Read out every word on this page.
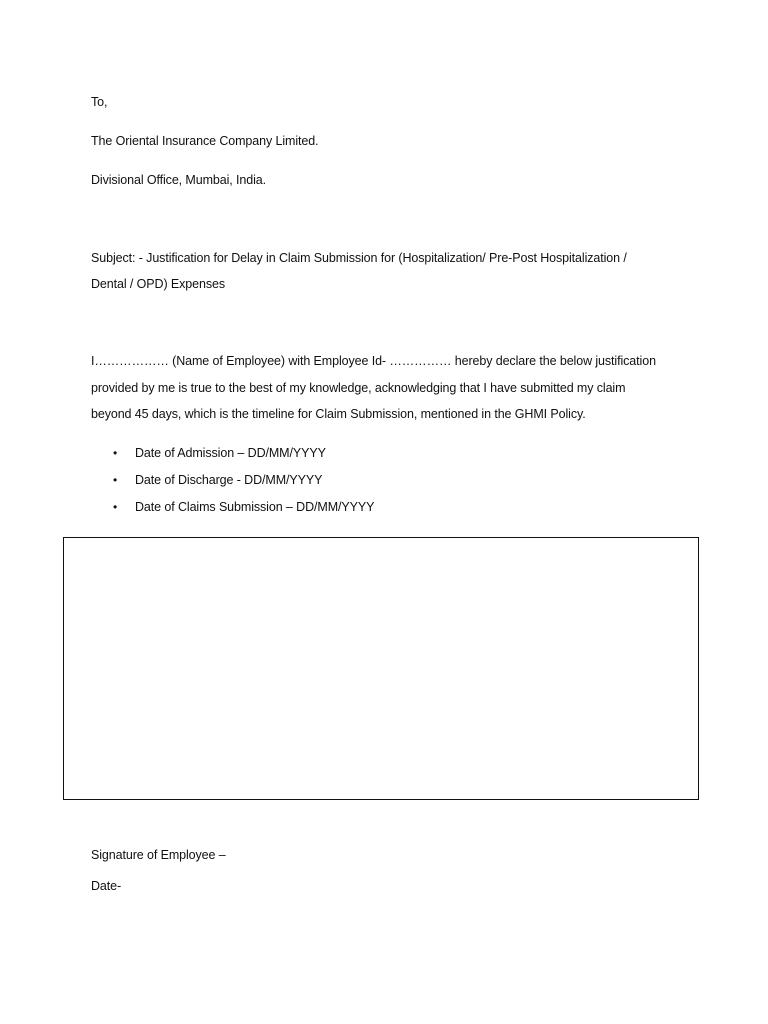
To,
The Oriental Insurance Company Limited.
Divisional Office, Mumbai, India.
Subject: - Justification for Delay in Claim Submission for (Hospitalization/ Pre-Post Hospitalization /
Dental / OPD) Expenses
I……………… (Name of Employee) with Employee Id- …………… hereby declare the below justification
provided by me is true to the best of my knowledge, acknowledging that I have submitted my claim
beyond 45 days, which is the timeline for Claim Submission, mentioned in the GHMI Policy.
• Date of Admission – DD/MM/YYYY
• Date of Discharge - DD/MM/YYYY
• Date of Claims Submission – DD/MM/YYYY
Signature of Employee –
Date-
